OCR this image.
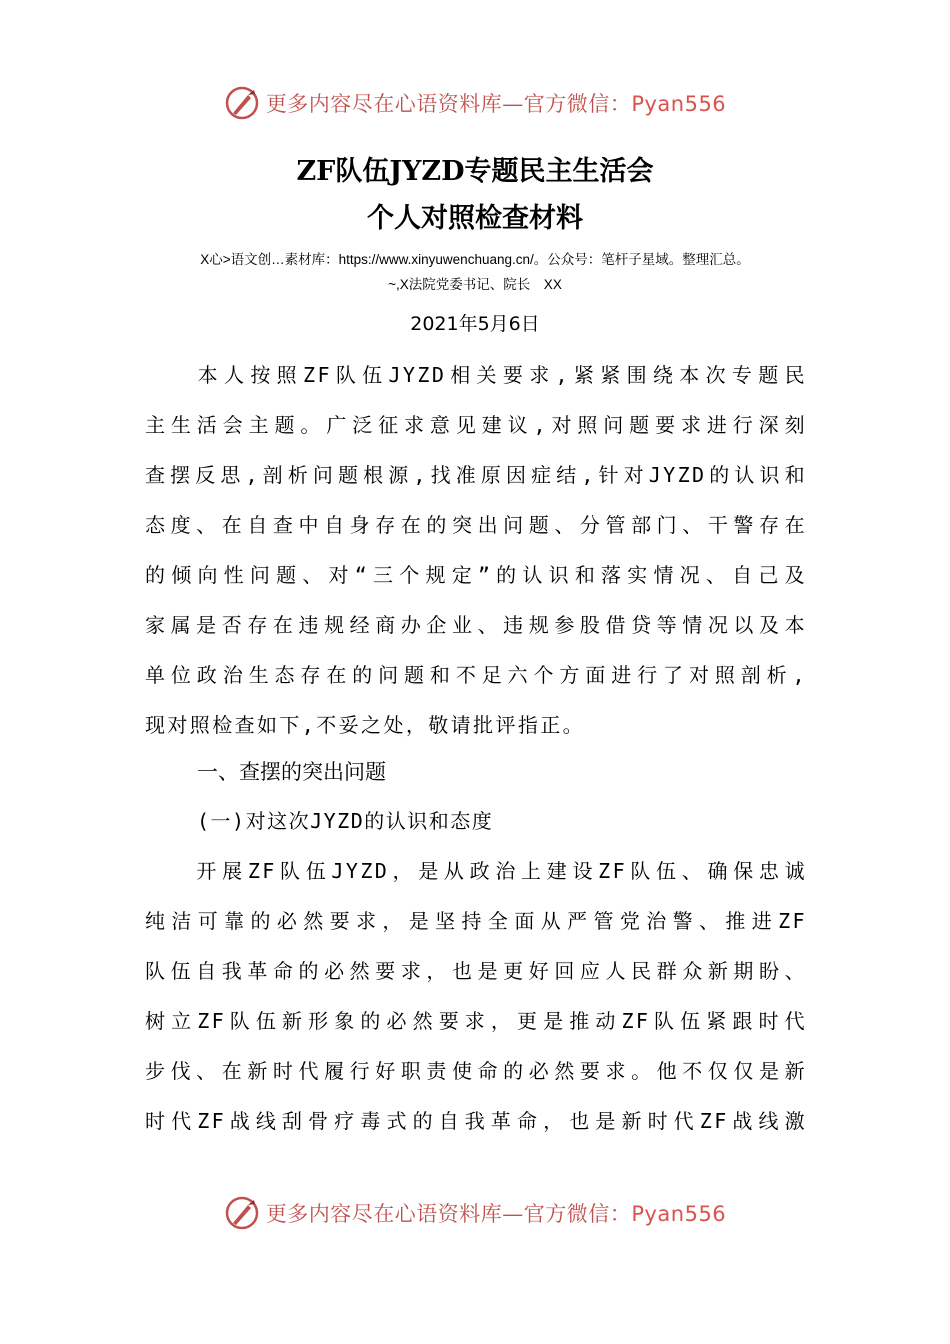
更多内容尽在心语资料库—官方微信：Pyan556
ZF队伍JYZD专题民主生活会
个人对照检查材料
X心>语文创…素材库：https://www.xinyuwenchuang.cn/。公众号：笔杆子星域。整理汇总。
~,X法院党委书记、院长　XX
2021年5月6日
　　本人按照ZF队伍JYZD相关要求,紧紧围绕本次专题民
主生活会主题。广泛征求意见建议,对照问题要求进行深刻
查摆反思,剖析问题根源,找准原因症结,针对JYZD的认识和
态度、在自查中自身存在的突出问题、分管部门、干警存在
的倾向性问题、对“三个规定”的认识和落实情况、自己及
家属是否存在违规经商办企业、违规参股借贷等情况以及本
单位政治生态存在的问题和不足六个方面进行了对照剖析,
现对照检查如下,不妥之处，敬请批评指正。
一、查摆的突出问题
(一)对这次JYZD的认识和态度
　　开展ZF队伍JYZD，是从政治上建设ZF队伍、确保忠诚
纯洁可靠的必然要求，是坚持全面从严管党治警、推进ZF
队伍自我革命的必然要求，也是更好回应人民群众新期盼、
树立ZF队伍新形象的必然要求，更是推动ZF队伍紧跟时代
步伐、在新时代履行好职责使命的必然要求。他不仅仅是新
时代ZF战线刮骨疗毒式的自我革命，也是新时代ZF战线激
更多内容尽在心语资料库—官方微信：Pyan556
